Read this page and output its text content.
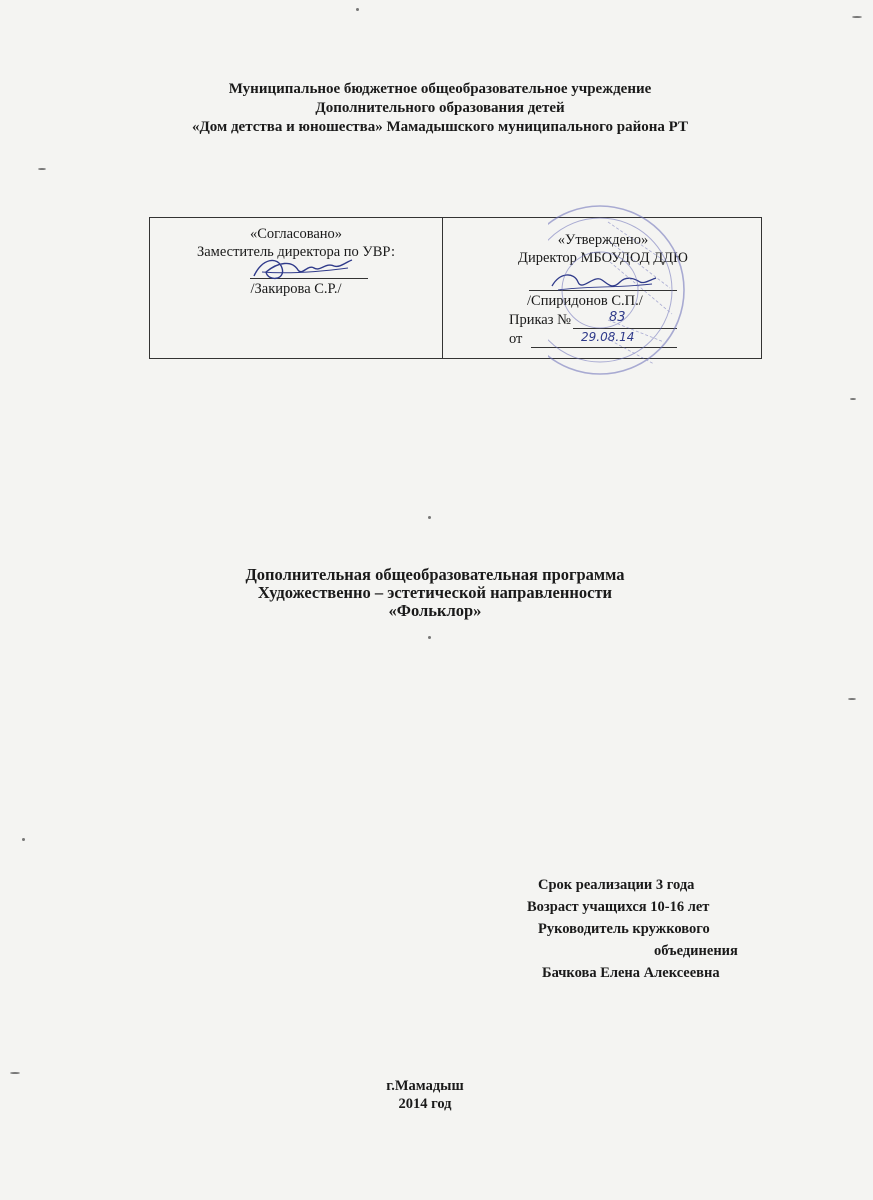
Муниципальное бюджетное общеобразовательное учреждение
Дополнительного образования детей
«Дом детства и юношества» Мамадышского муниципального района РТ
«Согласовано»
Заместитель директора по УВР:
/Закирова С.Р./

«Утверждено»
Директор МБОУДОД ДДЮ
/Спиридонов С.П./
Приказ №	83
от	29.08.14
Дополнительная общеобразовательная программа
Художественно – эстетической направленности
«Фольклор»
Срок реализации 3 года
Возраст учащихся 10-16 лет
Руководитель кружкового
объединения
Бачкова Елена Алексеевна
г.Мамадыш
2014 год
